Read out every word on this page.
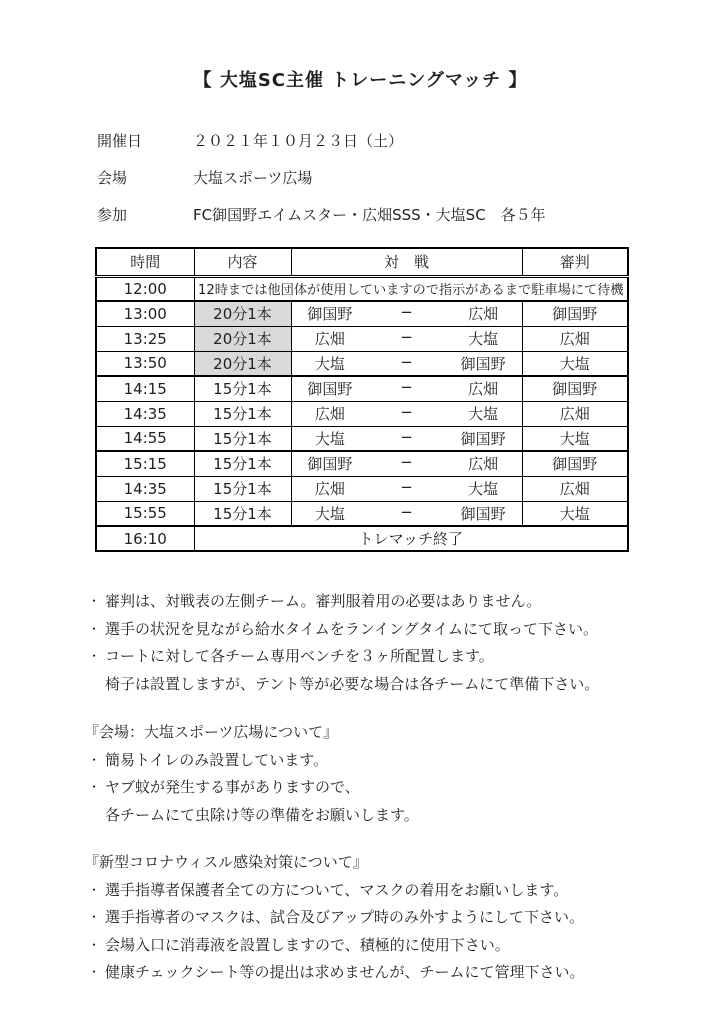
【 大塩SC主催 トレーニングマッチ 】
開催日	２０２１年１０月２３日（土）
会場	大塩スポーツ広場
参加	FC御国野エイムスター・広畑SSS・大塩SC　各５年
時間	内容	対　戦	審判
12:00	12時までは他団体が使用していますので指示があるまで駐車場にて待機		
13:00	20分1本	御国野 − 広畑	御国野
13:25	20分1本	広畑 − 大塩	広畑
13:50	20分1本	大塩 − 御国野	大塩
14:15	15分1本	御国野 − 広畑	御国野
14:35	15分1本	広畑 − 大塩	広畑
14:55	15分1本	大塩 − 御国野	大塩
15:15	15分1本	御国野 − 広畑	御国野
14:35	15分1本	広畑 − 大塩	広畑
15:55	15分1本	大塩 − 御国野	大塩
16:10	トレマッチ終了		
・ 審判は、対戦表の左側チーム。審判服着用の必要はありません。
・ 選手の状況を見ながら給水タイムをランイングタイムにて取って下さい。
・ コートに対して各チーム専用ベンチを３ヶ所配置します。
椅子は設置しますが、テント等が必要な場合は各チームにて準備下さい。
『会場：大塩スポーツ広場について』
・ 簡易トイレのみ設置しています。
・ ヤブ蚊が発生する事がありますので、
各チームにて虫除け等の準備をお願いします。
『新型コロナウィスル感染対策について』
・ 選手指導者保護者全ての方について、マスクの着用をお願いします。
・ 選手指導者のマスクは、試合及びアップ時のみ外すようにして下さい。
・ 会場入口に消毒液を設置しますので、積極的に使用下さい。
・ 健康チェックシート等の提出は求めませんが、チームにて管理下さい。
